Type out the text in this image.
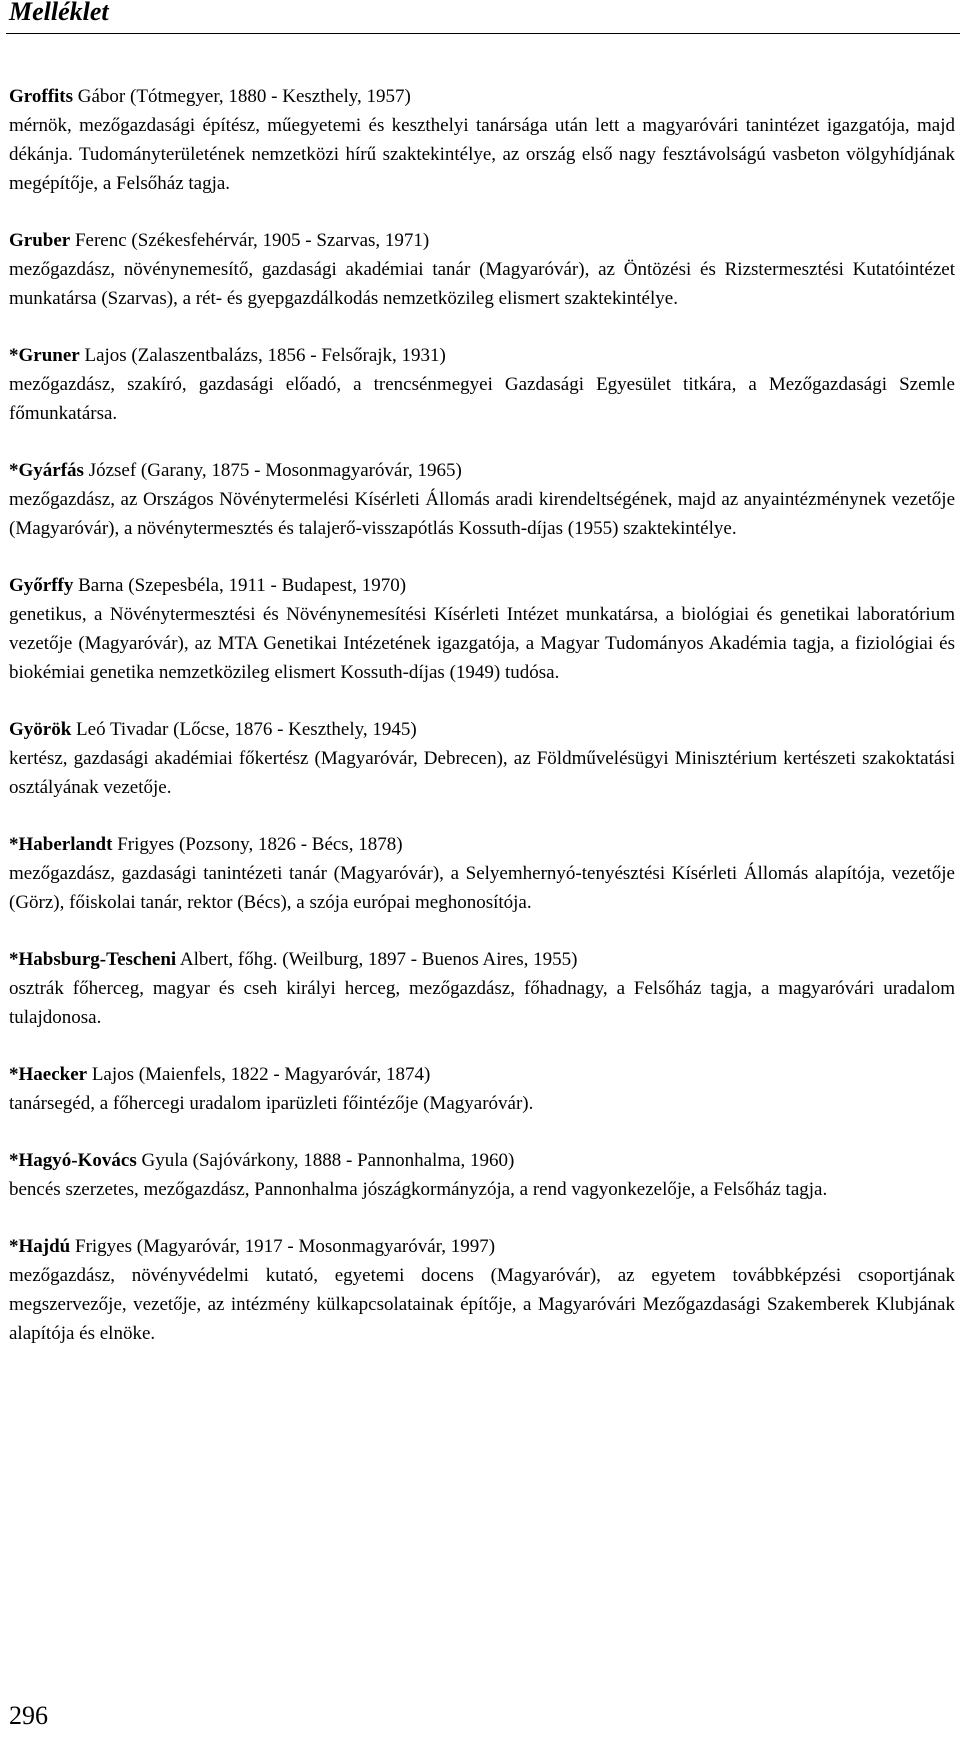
Melléklet

Groffits Gábor (Tótmegyer, 1880 - Keszthely, 1957)

mérnök, mezőgazdasági építész, műegyetemi és keszthelyi tanársága után lett a magyaróvári tanintézet igazgatója, majd dékánja. Tudományterületének nemzetközi hírű szaktekintélye, az ország első nagy fesztávolságú vasbeton völgyhídjának megépítője, a Felsőház tagja.

Gruber Ferenc (Székesfehérvár, 1905 - Szarvas, 1971)

mezőgazdász, növénynemesítő, gazdasági akadémiai tanár (Magyaróvár), az Öntözési és Rizstermesztési Kutatóintézet munkatársa (Szarvas), a rét- és gyepgazdálkodás nemzetközileg elismert szaktekintélye.

*Gruner Lajos (Zalaszentbalázs, 1856 - Felsőrajk, 1931)

mezőgazdász, szakíró, gazdasági előadó, a trencsénmegyei Gazdasági Egyesület titkára, a Mezőgazdasági Szemle főmunkatársa.

*Gyárfás József (Garany, 1875 - Mosonmagyaróvár, 1965)

mezőgazdász, az Országos Növénytermelési Kísérleti Állomás aradi kirendeltségének, majd az anyaintézménynek vezetője (Magyaróvár), a növénytermesztés és talajerő-visszapótlás Kossuth-díjas (1955) szaktekintélye.

Győrffy Barna (Szepesbéla, 1911 - Budapest, 1970)

genetikus, a Növénytermesztési és Növénynemesítési Kísérleti Intézet munkatársa, a biológiai és genetikai laboratórium vezetője (Magyaróvár), az MTA Genetikai Intézetének igazgatója, a Magyar Tudományos Akadémia tagja, a fiziológiai és biokémiai genetika nemzetközileg elismert Kossuth-díjas (1949) tudósa.

Györök Leó Tivadar (Lőcse, 1876 - Keszthely, 1945)

kertész, gazdasági akadémiai főkertész (Magyaróvár, Debrecen), az Földművelésügyi Minisztérium kertészeti szakoktatási osztályának vezetője.

*Haberlandt Frigyes (Pozsony, 1826 - Bécs, 1878)

mezőgazdász, gazdasági tanintézeti tanár (Magyaróvár), a Selyemhernyó-tenyésztési Kísérleti Állomás alapítója, vezetője (Görz), főiskolai tanár, rektor (Bécs), a szója európai meghonosítója.

*Habsburg-Tescheni Albert, főhg. (Weilburg, 1897 - Buenos Aires, 1955)

osztrák főherceg, magyar és cseh királyi herceg, mezőgazdász, főhadnagy, a Felsőház tagja, a magyaróvári uradalom tulajdonosa.

*Haecker Lajos (Maienfels, 1822 - Magyaróvár, 1874)

tanársegéd, a főhercegi uradalom iparüzleti főintézője (Magyaróvár).

*Hagyó-Kovács Gyula (Sajóvárkony, 1888 - Pannonhalma, 1960)

bencés szerzetes, mezőgazdász, Pannonhalma jószágkormányzója, a rend vagyonkezelője, a Felsőház tagja.

*Hajdú Frigyes (Magyaróvár, 1917 - Mosonmagyaróvár, 1997)

mezőgazdász, növényvédelmi kutató, egyetemi docens (Magyaróvár), az egyetem továbbképzési csoportjának megszervezője, vezetője, az intézmény külkapcsolatainak építője, a Magyaróvári Mezőgazdasági Szakemberek Klubjának alapítója és elnöke.

296
